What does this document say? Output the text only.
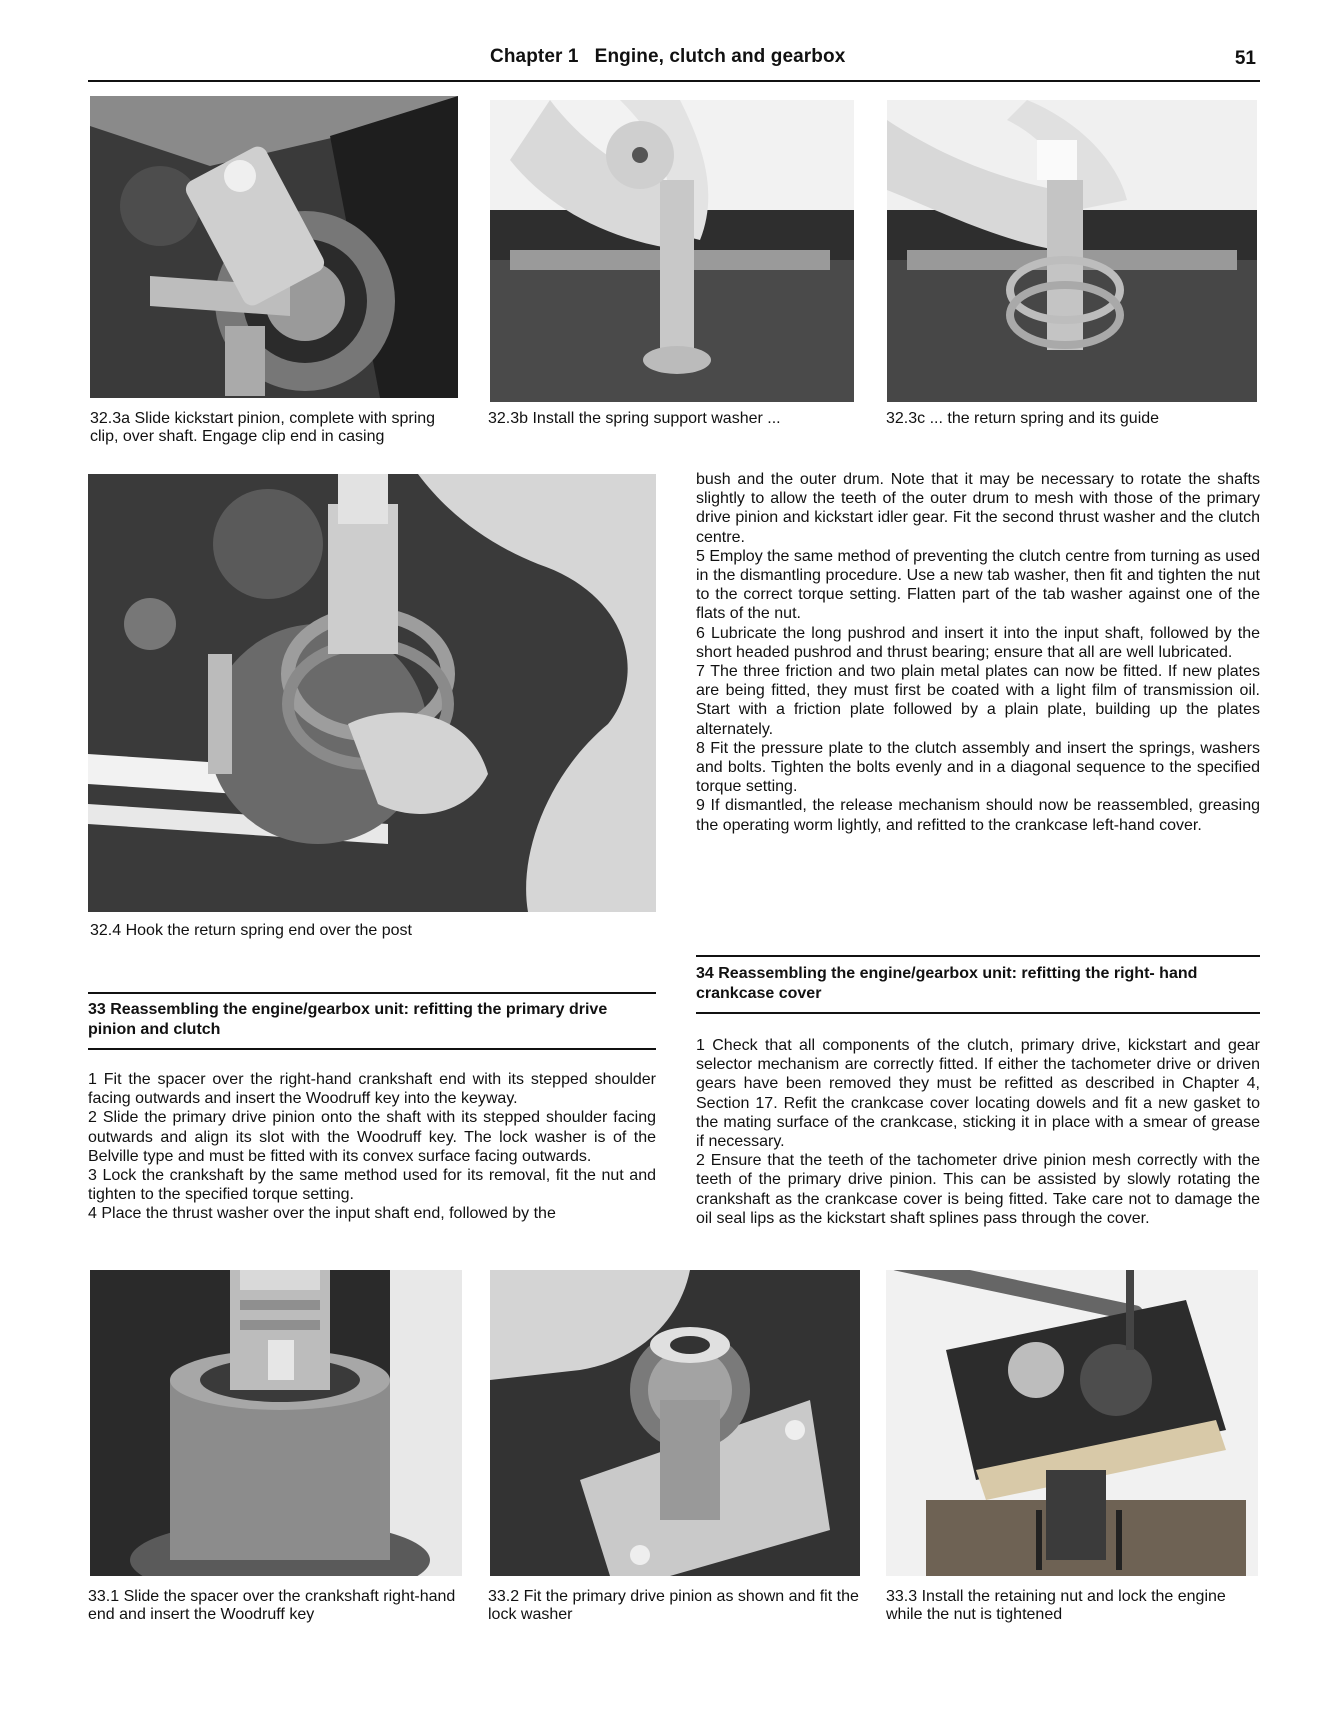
Chapter 1   Engine, clutch and gearbox	51
32.3a Slide kickstart pinion, complete with spring clip, over shaft. Engage clip end in casing
32.3b Install the spring support washer ...	32.3c ... the return spring and its guide
32.4 Hook the return spring end over the post

bush and the outer drum. Note that it may be necessary to rotate the shafts slightly to allow the teeth of the outer drum to mesh with those of the primary drive pinion and kickstart idler gear. Fit the second thrust washer and the clutch centre.

5 Employ the same method of preventing the clutch centre from turning as used in the dismantling procedure. Use a new tab washer, then fit and tighten the nut to the correct torque setting. Flatten part of the tab washer against one of the flats of the nut.

6 Lubricate the long pushrod and insert it into the input shaft, followed by the short headed pushrod and thrust bearing; ensure that all are well lubricated.

7 The three friction and two plain metal plates can now be fitted. If new plates are being fitted, they must first be coated with a light film of transmission oil. Start with a friction plate followed by a plain plate, building up the plates alternately.

8 Fit the pressure plate to the clutch assembly and insert the springs, washers and bolts. Tighten the bolts evenly and in a diagonal sequence to the specified torque setting.

9 If dismantled, the release mechanism should now be reassembled, greasing the operating worm lightly, and refitted to the crankcase left-hand cover.

34 Reassembling the engine/gearbox unit: refitting the right- hand crankcase cover
33 Reassembling the engine/gearbox unit: refitting the primary drive pinion and clutch

1 Fit the spacer over the right-hand crankshaft end with its stepped shoulder facing outwards and insert the Woodruff key into the keyway.

2 Slide the primary drive pinion onto the shaft with its stepped shoulder facing outwards and align its slot with the Woodruff key. The lock washer is of the Belville type and must be fitted with its convex surface facing outwards.

3 Lock the crankshaft by the same method used for its removal, fit the nut and tighten to the specified torque setting.

4 Place the thrust washer over the input shaft end, followed by the

1 Check that all components of the clutch, primary drive, kickstart and gear selector mechanism are correctly fitted. If either the tachometer drive or driven gears have been removed they must be refitted as described in Chapter 4, Section 17. Refit the crankcase cover locating dowels and fit a new gasket to the mating surface of the crankcase, sticking it in place with a smear of grease if necessary.

2 Ensure that the teeth of the tachometer drive pinion mesh correctly with the teeth of the primary drive pinion. This can be assisted by slowly rotating the crankshaft as the crankcase cover is being fitted. Take care not to damage the oil seal lips as the kickstart shaft splines pass through the cover.

33.1 Slide the spacer over the crankshaft right-hand end and insert the Woodruff key
33.2 Fit the primary drive pinion as shown and fit the lock washer
33.3 Install the retaining nut and lock the engine while the nut is tightened
